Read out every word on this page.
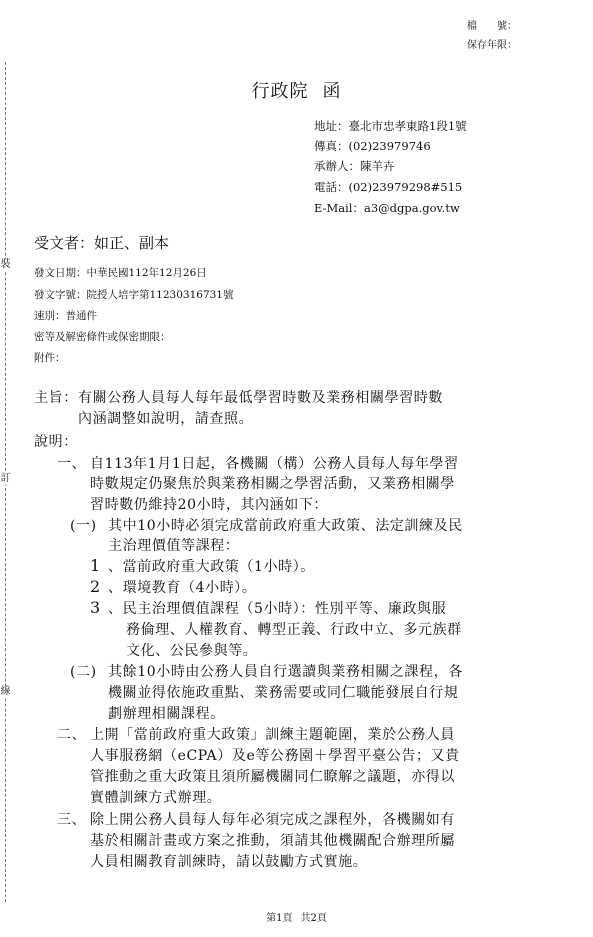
裝
訂
線
檔　　號：
保存年限：
行政院 函
地址：臺北市忠孝東路1段1號
傳真：(02)23979746
承辦人：陳羊卉
電話：(02)23979298#515
E-Mail：a3@dgpa.gov.tw
受文者：如正、副本
發文日期：中華民國112年12月26日
發文字號：院授人培字第11230316731號
速別：普通件
密等及解密條件或保密期限：
附件：
主旨： 有關公務人員每人每年最低學習時數及業務相關學習時數
內涵調整如說明，請查照。
說明：
一、 自113年1月1日起，各機關（構）公務人員每人每年學習
時數規定仍聚焦於與業務相關之學習活動，又業務相關學
習時數仍維持20小時，其內涵如下：
(一) 其中10小時必須完成當前政府重大政策、法定訓練及民
主治理價值等課程：
1 、當前政府重大政策（1小時）。
2 、環境教育（4小時）。
3 、民主治理價值課程（5小時）：性別平等、廉政與服
務倫理、人權教育、轉型正義、行政中立、多元族群
文化、公民參與等。
(二) 其餘10小時由公務人員自行選讀與業務相關之課程，各
機關並得依施政重點、業務需要或同仁職能發展自行規
劃辦理相關課程。
二、 上開「當前政府重大政策」訓練主題範圍，業於公務人員
人事服務網（eCPA）及e等公務園＋學習平臺公告；又貴
管推動之重大政策且須所屬機關同仁瞭解之議題，亦得以
實體訓練方式辦理。
三、 除上開公務人員每人每年必須完成之課程外，各機關如有
基於相關計畫或方案之推動，須請其他機關配合辦理所屬
人員相關教育訓練時，請以鼓勵方式實施。
第1頁 共2頁
